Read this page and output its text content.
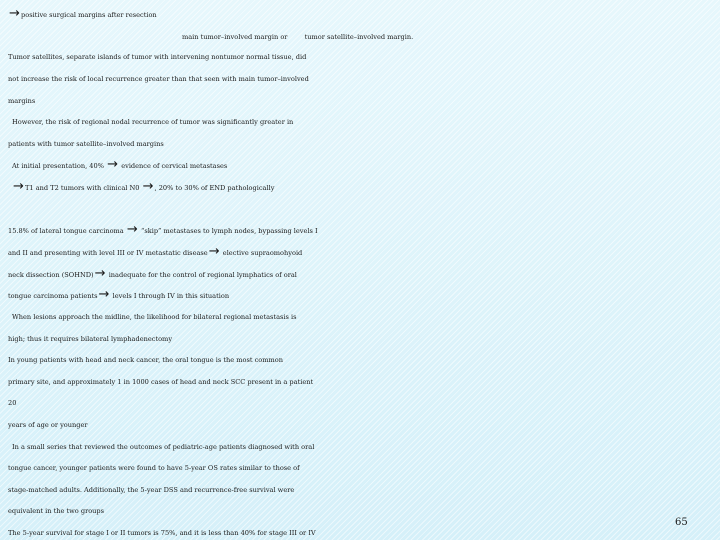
→positive surgical margins after resection
main tumor–involved margin or	tumor satellite–involved margin.
Tumor satellites, separate islands of tumor with intervening nontumor normal tissue, did
not increase the risk of local recurrence greater than that seen with main tumor–involved
margins
However, the risk of regional nodal recurrence of tumor was significantly greater in
patients with tumor satellite–involved margins
At initial presentation, 40% → evidence of cervical metastases
→T1 and T2 tumors with clinical N0 →, 20% to 30% of END pathologically
15.8% of lateral tongue carcinoma → “skip” metastases to lymph nodes, bypassing levels I
and II and presenting with level III or IV metastatic disease→ elective supraomohyoid
neck dissection (SOHND)→ inadequate for the control of regional lymphatics of oral
tongue carcinoma patients→ levels I through IV in this situation
When lesions approach the midline, the likelihood for bilateral regional metastasis is
high; thus it requires bilateral lymphadenectomy
In young patients with head and neck cancer, the oral tongue is the most common
primary site, and approximately 1 in 1000 cases of head and neck SCC present in a patient
20
years of age or younger
In a small series that reviewed the outcomes of pediatric-age patients diagnosed with oral
tongue cancer, younger patients were found to have 5-year OS rates similar to those of
stage-matched adults. Additionally, the 5-year DSS and recurrence-free survival were
equivalent in the two groups
The 5-year survival for stage I or II tumors is 75%, and it is less than 40% for stage III or IV
65
